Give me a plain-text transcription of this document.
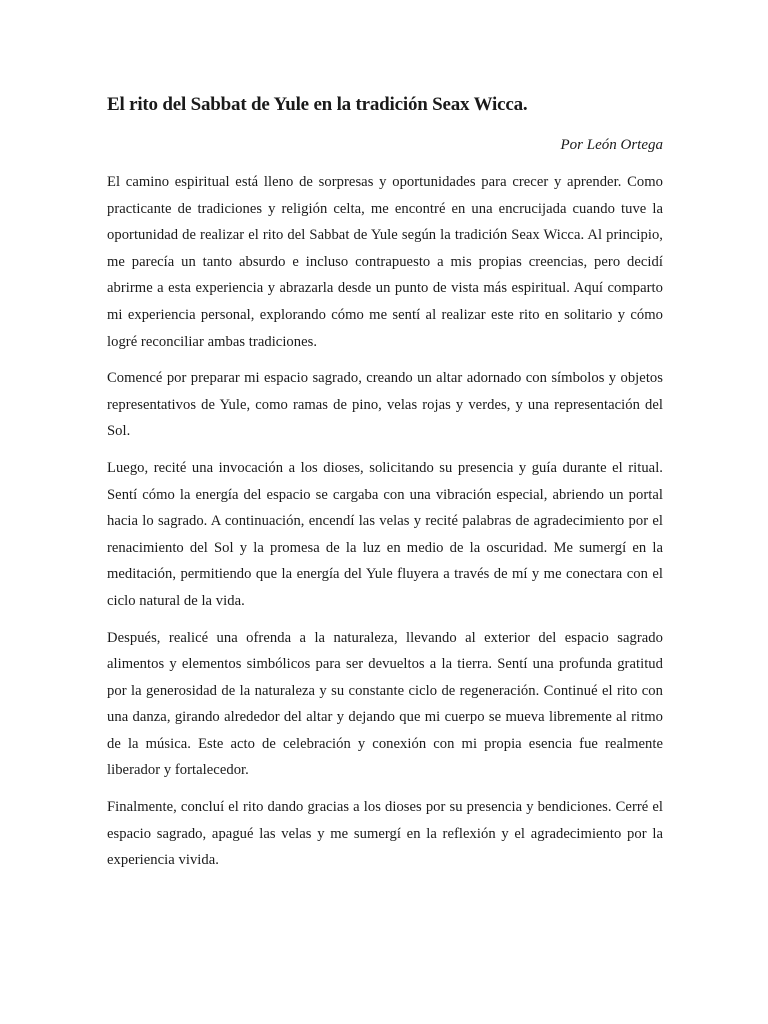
El rito del Sabbat de Yule en la tradición Seax Wicca.

Por León Ortega

El camino espiritual está lleno de sorpresas y oportunidades para crecer y aprender. Como practicante de tradiciones y religión celta, me encontré en una encrucijada cuando tuve la oportunidad de realizar el rito del Sabbat de Yule según la tradición Seax Wicca. Al principio, me parecía un tanto absurdo e incluso contrapuesto a mis propias creencias, pero decidí abrirme a esta experiencia y abrazarla desde un punto de vista más espiritual. Aquí comparto mi experiencia personal, explorando cómo me sentí al realizar este rito en solitario y cómo logré reconciliar ambas tradiciones.

Comencé por preparar mi espacio sagrado, creando un altar adornado con símbolos y objetos representativos de Yule, como ramas de pino, velas rojas y verdes, y una representación del Sol.

Luego, recité una invocación a los dioses, solicitando su presencia y guía durante el ritual. Sentí cómo la energía del espacio se cargaba con una vibración especial, abriendo un portal hacia lo sagrado. A continuación, encendí las velas y recité palabras de agradecimiento por el renacimiento del Sol y la promesa de la luz en medio de la oscuridad. Me sumergí en la meditación, permitiendo que la energía del Yule fluyera a través de mí y me conectara con el ciclo natural de la vida.

Después, realicé una ofrenda a la naturaleza, llevando al exterior del espacio sagrado alimentos y elementos simbólicos para ser devueltos a la tierra. Sentí una profunda gratitud por la generosidad de la naturaleza y su constante ciclo de regeneración. Continué el rito con una danza, girando alrededor del altar y dejando que mi cuerpo se mueva libremente al ritmo de la música. Este acto de celebración y conexión con mi propia esencia fue realmente liberador y fortalecedor.

Finalmente, concluí el rito dando gracias a los dioses por su presencia y bendiciones. Cerré el espacio sagrado, apagué las velas y me sumergí en la reflexión y el agradecimiento por la experiencia vivida.
